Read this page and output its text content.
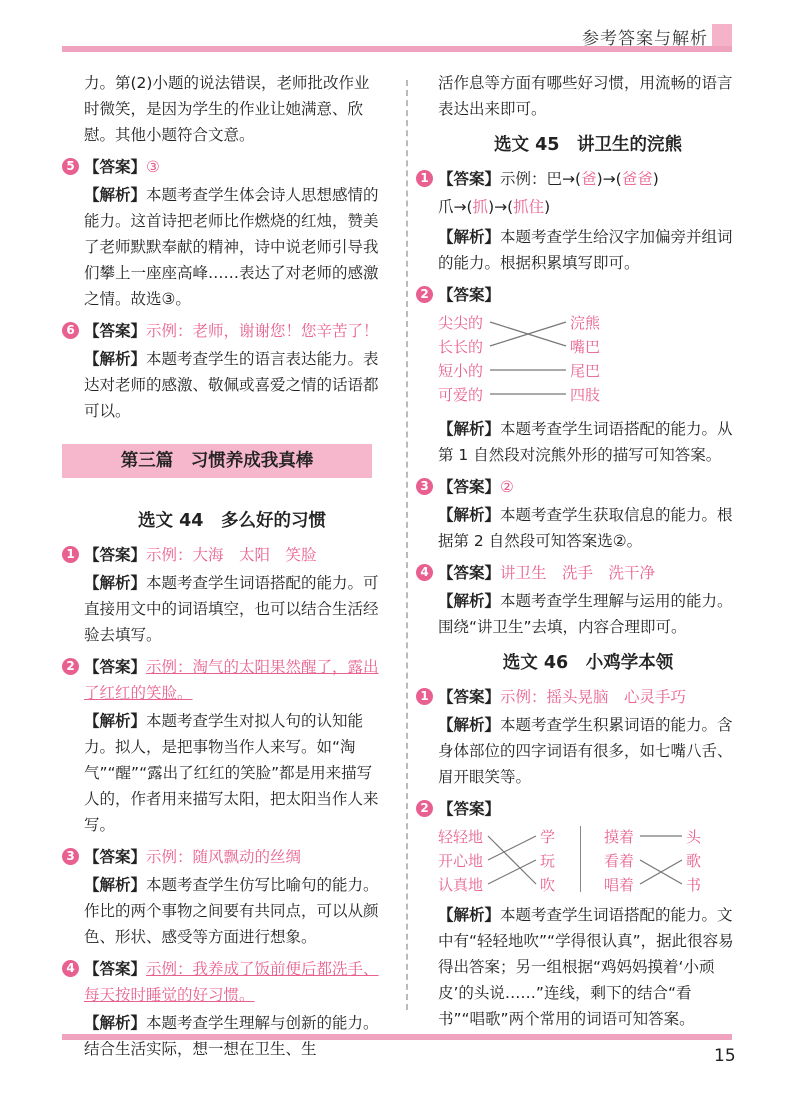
参考答案与解析

力。第(2)小题的说法错误，老师批改作业时微笑，是因为学生的作业让她满意、欣慰。其他小题符合文意。

5 【答案】③

【解析】本题考查学生体会诗人思想感情的能力。这首诗把老师比作燃烧的红烛，赞美了老师默默奉献的精神，诗中说老师引导我们攀上一座座高峰……表达了对老师的感激之情。故选③。

6 【答案】示例：老师，谢谢您！您辛苦了！

【解析】本题考查学生的语言表达能力。表达对老师的感激、敬佩或喜爱之情的话语都可以。

选文 44　多么好的习惯
1 【答案】示例：大海　太阳　笑脸

【解析】本题考查学生词语搭配的能力。可直接用文中的词语填空，也可以结合生活经验去填写。

2 【答案】示例：淘气的太阳果然醒了，露出了红红的笑脸。

【解析】本题考查学生对拟人句的认知能力。拟人，是把事物当作人来写。如“淘气”“醒”“露出了红红的笑脸”都是用来描写人的，作者用来描写太阳，把太阳当作人来写。

3 【答案】示例：随风飘动的丝绸

【解析】本题考查学生仿写比喻句的能力。作比的两个事物之间要有共同点，可以从颜色、形状、感受等方面进行想象。

4 【答案】示例：我养成了饭前便后都洗手、每天按时睡觉的好习惯。

【解析】本题考查学生理解与创新的能力。结合生活实际，想一想在卫生、生

第三篇　习惯养成我真棒

活作息等方面有哪些好习惯，用流畅的语言表达出来即可。

选文 45　讲卫生的浣熊
1 【答案】示例：巴→(爸)→(爸爸)

爪→(抓)→(抓住)

【解析】本题考查学生给汉字加偏旁并组词的能力。根据积累填写即可。

2 【答案】
尖尖的
长长的
短小的
可爱的
浣熊
嘴巴
尾巴
四肢

【解析】本题考查学生词语搭配的能力。从第 1 自然段对浣熊外形的描写可知答案。

3 【答案】②

【解析】本题考查学生获取信息的能力。根据第 2 自然段可知答案选②。

4 【答案】讲卫生　洗手　洗干净

【解析】本题考查学生理解与运用的能力。围绕“讲卫生”去填，内容合理即可。

选文 46　小鸡学本领
1 【答案】示例：摇头晃脑　心灵手巧

【解析】本题考查学生积累词语的能力。含身体部位的四字词语有很多，如七嘴八舌、眉开眼笑等。

2 【答案】
轻轻地
开心地
认真地
学
玩
吹
摸着
看着
唱着
头
歌
书

【解析】本题考查学生词语搭配的能力。文中有“轻轻地吹”“学得很认真”，据此很容易得出答案；另一组根据“鸡妈妈摸着‘小顽皮’的头说……”连线，剩下的结合“看书”“唱歌”两个常用的词语可知答案。

15
